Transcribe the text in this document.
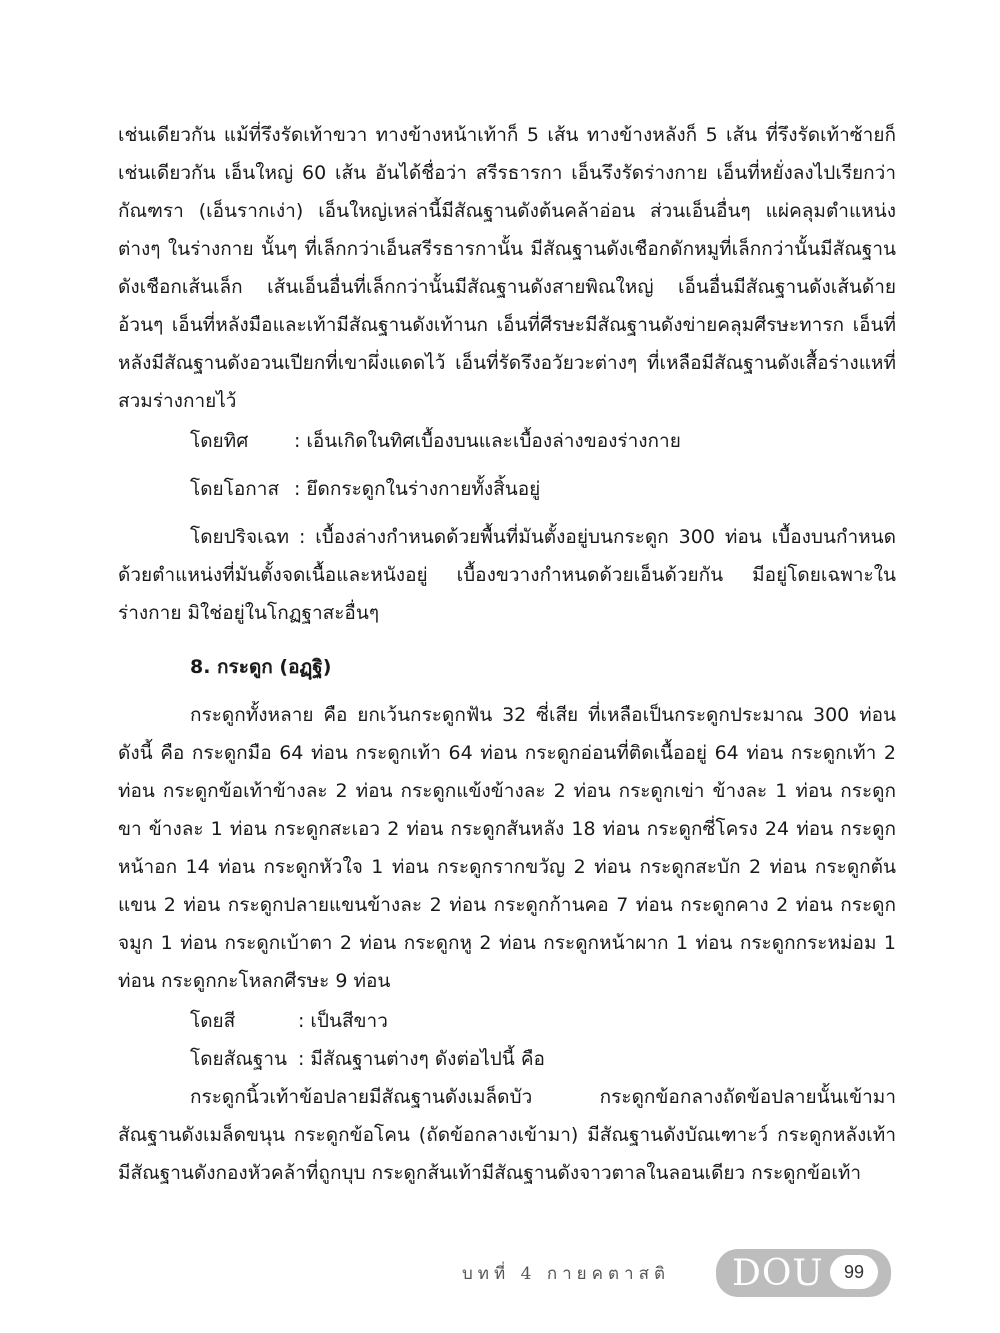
เช่นเดียวกัน แม้ที่รึงรัดเท้าขวา ทางข้างหน้าเท้าก็ 5 เส้น ทางข้างหลังก็ 5 เส้น ที่รึงรัดเท้าซ้ายก็เช่นเดียวกัน เอ็นใหญ่ 60 เส้น อันได้ชื่อว่า สรีรธารกา เอ็นรึงรัดร่างกาย เอ็นที่หยั่งลงไปเรียกว่า กัณฑรา (เอ็นรากเง่า) เอ็นใหญ่เหล่านี้มีสัณฐานดังต้นคล้าอ่อน ส่วนเอ็นอื่นๆ แผ่คลุมตำแหน่งต่างๆ ในร่างกาย นั้นๆ ที่เล็กกว่าเอ็นสรีรธารกานั้น มีสัณฐานดังเชือกดักหมูที่เล็กกว่านั้นมีสัณฐานดังเชือกเส้นเล็ก เส้นเอ็นอื่นที่เล็กกว่านั้นมีสัณฐานดังสายพิณใหญ่ เอ็นอื่นมีสัณฐานดังเส้นด้ายอ้วนๆ เอ็นที่หลังมือและเท้ามีสัณฐานดังเท้านก เอ็นที่ศีรษะมีสัณฐานดังข่ายคลุมศีรษะทารก เอ็นที่หลังมีสัณฐานดังอวนเปียกที่เขาผึ่งแดดไว้ เอ็นที่รัดรึงอวัยวะต่างๆ ที่เหลือมีสัณฐานดังเสื้อร่างแหที่สวมร่างกายไว้

โดยทิศ	: เอ็นเกิดในทิศเบื้องบนและเบื้องล่างของร่างกาย
โดยโอกาส : ยึดกระดูกในร่างกายทั้งสิ้นอยู่

โดยปริจเฉท : เบื้องล่างกำหนดด้วยพื้นที่มันตั้งอยู่บนกระดูก 300 ท่อน เบื้องบนกำหนดด้วยตำแหน่งที่มันตั้งจดเนื้อและหนังอยู่ เบื้องขวางกำหนดด้วยเอ็นด้วยกัน มีอยู่โดยเฉพาะในร่างกาย มิใช่อยู่ในโกฏฐาสะอื่นๆ

8. กระดูก (อฏฺฐิ)

กระดูกทั้งหลาย คือ ยกเว้นกระดูกฟัน 32 ซี่เสีย ที่เหลือเป็นกระดูกประมาณ 300 ท่อน ดังนี้ คือ กระดูกมือ 64 ท่อน กระดูกเท้า 64 ท่อน กระดูกอ่อนที่ติดเนื้ออยู่ 64 ท่อน กระดูกเท้า 2 ท่อน กระดูกข้อเท้าข้างละ 2 ท่อน กระดูกแข้งข้างละ 2 ท่อน กระดูกเข่า ข้างละ 1 ท่อน กระดูกขา ข้างละ 1 ท่อน กระดูกสะเอว 2 ท่อน กระดูกสันหลัง 18 ท่อน กระดูกซี่โครง 24 ท่อน กระดูกหน้าอก 14 ท่อน กระดูกหัวใจ 1 ท่อน กระดูกรากขวัญ 2 ท่อน กระดูกสะบัก 2 ท่อน กระดูกต้นแขน 2 ท่อน กระดูกปลายแขนข้างละ 2 ท่อน กระดูกก้านคอ 7 ท่อน กระดูกคาง 2 ท่อน กระดูกจมูก 1 ท่อน กระดูกเบ้าตา 2 ท่อน กระดูกหู 2 ท่อน กระดูกหน้าผาก 1 ท่อน กระดูกกระหม่อม 1 ท่อน กระดูกกะโหลกศีรษะ 9 ท่อน

โดยสี	: เป็นสีขาว
โดยสัณฐาน : มีสัณฐานต่างๆ ดังต่อไปนี้ คือ

กระดูกนิ้วเท้าข้อปลายมีสัณฐานดังเมล็ดบัว กระดูกข้อกลางถัดข้อปลายนั้นเข้ามาสัณฐานดังเมล็ดขนุน กระดูกข้อโคน (ถัดข้อกลางเข้ามา) มีสัณฐานดังบัณเฑาะว์ กระดูกหลังเท้ามีสัณฐานดังกองหัวคล้าที่ถูกบุบ กระดูกส้นเท้ามีสัณฐานดังจาวตาลในลอนเดียว กระดูกข้อเท้า

บทที่ 4 กายคตาสติ DOU	99
